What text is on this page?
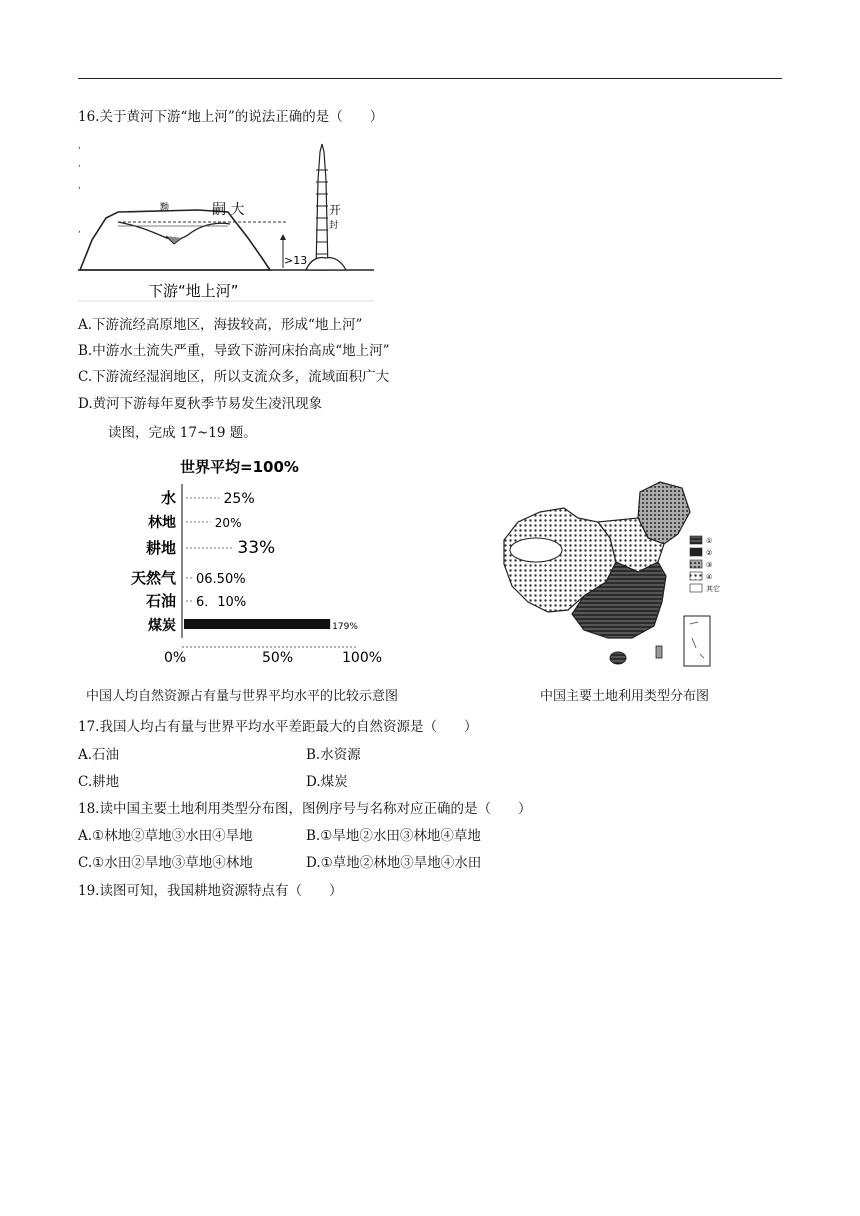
16.关于黄河下游“地上河”的说法正确的是（　　）
,
,
,
,
黝	嗣 大	开
封
>13
下游“地上河”
A.下游流经高原地区，海拔较高，形成“地上河”
B.中游水土流失严重，导致下游河床抬高成“地上河”
C.下游流经湿润地区，所以支流众多，流域面积广大
D.黄河下游每年夏秋季节易发生凌汛现象
读图，完成 17~19 题。
世界平均=100%
水	25%
林地	20%
耕地	33%
天然气 06.50%
石油 6．10%
煤炭	179%
0%	50%	100%
中国人均自然资源占有量与世界平均水平的比较示意图
①
②
③
④
其它
中国主要土地利用类型分布图
17.我国人均占有量与世界平均水平差距最大的自然资源是（　　）
A.石油	B.水资源
C.耕地	D.煤炭
18.读中国主要土地利用类型分布图，图例序号与名称对应正确的是（　　）
A.①林地②草地③水田④旱地	B.①旱地②水田③林地④草地
C.①水田②旱地③草地④林地	D.①草地②林地③旱地④水田
19.读图可知，我国耕地资源特点有（　　）
